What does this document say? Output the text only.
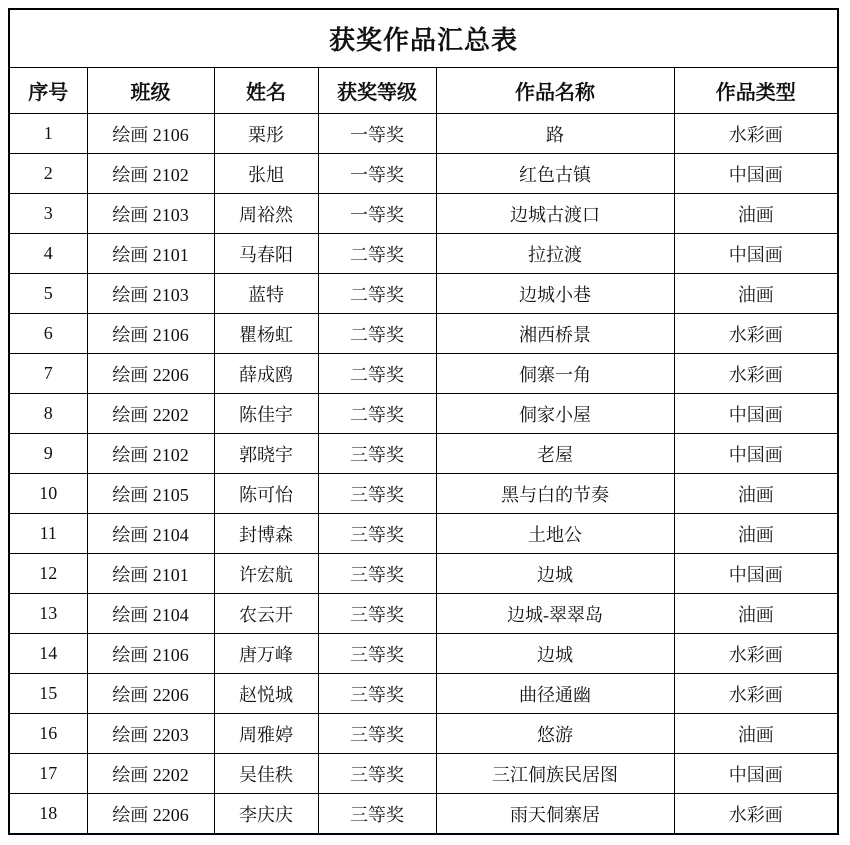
获奖作品汇总表					
序号	班级	姓名	获奖等级	作品名称	作品类型
1	绘画 2106	栗彤	一等奖	路	水彩画
2	绘画 2102	张旭	一等奖	红色古镇	中国画
3	绘画 2103	周裕然	一等奖	边城古渡口	油画
4	绘画 2101	马春阳	二等奖	拉拉渡	中国画
5	绘画 2103	蓝特	二等奖	边城小巷	油画
6	绘画 2106	瞿杨虹	二等奖	湘西桥景	水彩画
7	绘画 2206	薛成鸥	二等奖	侗寨一角	水彩画
8	绘画 2202	陈佳宇	二等奖	侗家小屋	中国画
9	绘画 2102	郭晓宇	三等奖	老屋	中国画
10	绘画 2105	陈可怡	三等奖	黑与白的节奏	油画
11	绘画 2104	封博森	三等奖	土地公	油画
12	绘画 2101	许宏航	三等奖	边城	中国画
13	绘画 2104	农云开	三等奖	边城-翠翠岛	油画
14	绘画 2106	唐万峰	三等奖	边城	水彩画
15	绘画 2206	赵悦城	三等奖	曲径通幽	水彩画
16	绘画 2203	周雅婷	三等奖	悠游	油画
17	绘画 2202	吴佳秩	三等奖	三江侗族民居图	中国画
18	绘画 2206	李庆庆	三等奖	雨天侗寨居	水彩画
